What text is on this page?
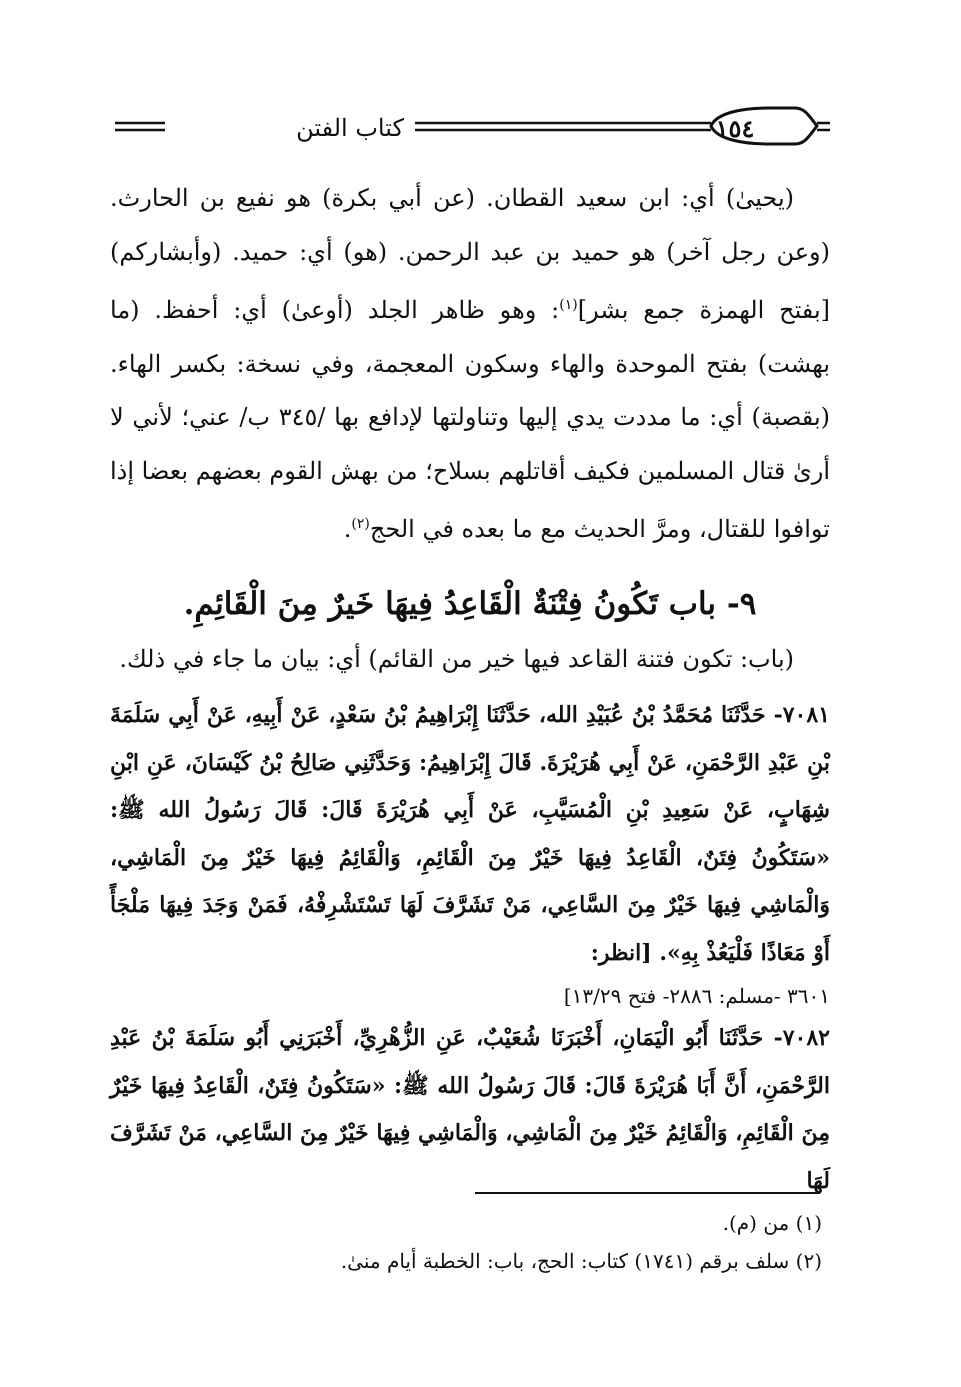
كتاب الفتن	١٥٤

(يحيىٰ) أي: ابن سعيد القطان. (عن أبي بكرة) هو نفيع بن الحارث. (وعن رجل آخر) هو حميد بن عبد الرحمن. (هو) أي: حميد. (وأبشاركم) [بفتح الهمزة جمع بشر]$^{(١)}$: وهو ظاهر الجلد (أوعىٰ) أي: أحفظ. (ما بهشت) بفتح الموحدة والهاء وسكون المعجمة، وفي نسخة: بكسر الهاء. (بقصبة) أي: ما مددت يدي إليها وتناولتها لإدافع بها /٣٤٥ ب/ عني؛ لأني لا أرىٰ قتال المسلمين فكيف أقاتلهم بسلاح؛ من بهش القوم بعضهم بعضا إذا توافوا للقتال، ومرَّ الحديث مع ما بعده في الحج$^{(٢)}$.

٩- باب تَكُونُ فِتْنَةٌ الْقَاعِدُ فِيهَا خَيرٌ مِنَ الْقَائِمِ.

(باب: تكون فتنة القاعد فيها خير من القائم) أي: بيان ما جاء في ذلك.

٧٠٨١- حَدَّثَنَا مُحَمَّدُ بْنُ عُبَيْدِ الله، حَدَّثَنَا إِبْرَاهِيمُ بْنُ سَعْدٍ، عَنْ أَبِيهِ، عَنْ أَبِي سَلَمَةَ بْنِ عَبْدِ الرَّحْمَنِ، عَنْ أَبِي هُرَيْرَةَ. قَالَ إِبْرَاهِيمُ: وَحَدَّثَنِي صَالِحُ بْنُ كَيْسَانَ، عَنِ ابْنِ شِهَابٍ، عَنْ سَعِيدِ بْنِ الْمُسَيَّبِ، عَنْ أَبِي هُرَيْرَةَ قَالَ: قَالَ رَسُولُ الله ﷺ: «سَتَكُونُ فِتَنٌ، الْقَاعِدُ فِيهَا خَيْرٌ مِنَ الْقَائِمِ، وَالْقَائِمُ فِيهَا خَيْرٌ مِنَ الْمَاشِي، وَالْمَاشِي فِيهَا خَيْرٌ مِنَ السَّاعِي، مَنْ تَشَرَّفَ لَهَا تَسْتَشْرِفْهُ، فَمَنْ وَجَدَ فِيهَا مَلْجَأً أَوْ مَعَاذًا فَلْيَعُذْ بِهِ». [انظر:

٣٦٠١ -مسلم: ٢٨٨٦- فتح ١٣/٢٩]

٧٠٨٢- حَدَّثَنَا أَبُو الْيَمَانِ، أَخْبَرَنَا شُعَيْبٌ، عَنِ الزُّهْرِيِّ، أَخْبَرَنِي أَبُو سَلَمَةَ بْنُ عَبْدِ الرَّحْمَنِ، أَنَّ أَبَا هُرَيْرَةَ قَالَ: قَالَ رَسُولُ الله ﷺ: «سَتَكُونُ فِتَنٌ، الْقَاعِدُ فِيهَا خَيْرٌ مِنَ الْقَائِمِ، وَالْقَائِمُ خَيْرٌ مِنَ الْمَاشِي، وَالْمَاشِي فِيهَا خَيْرٌ مِنَ السَّاعِي، مَنْ تَشَرَّفَ لَهَا

(١) من (م).

(٢) سلف برقم (١٧٤١) كتاب: الحج، باب: الخطبة أيام منىٰ.
